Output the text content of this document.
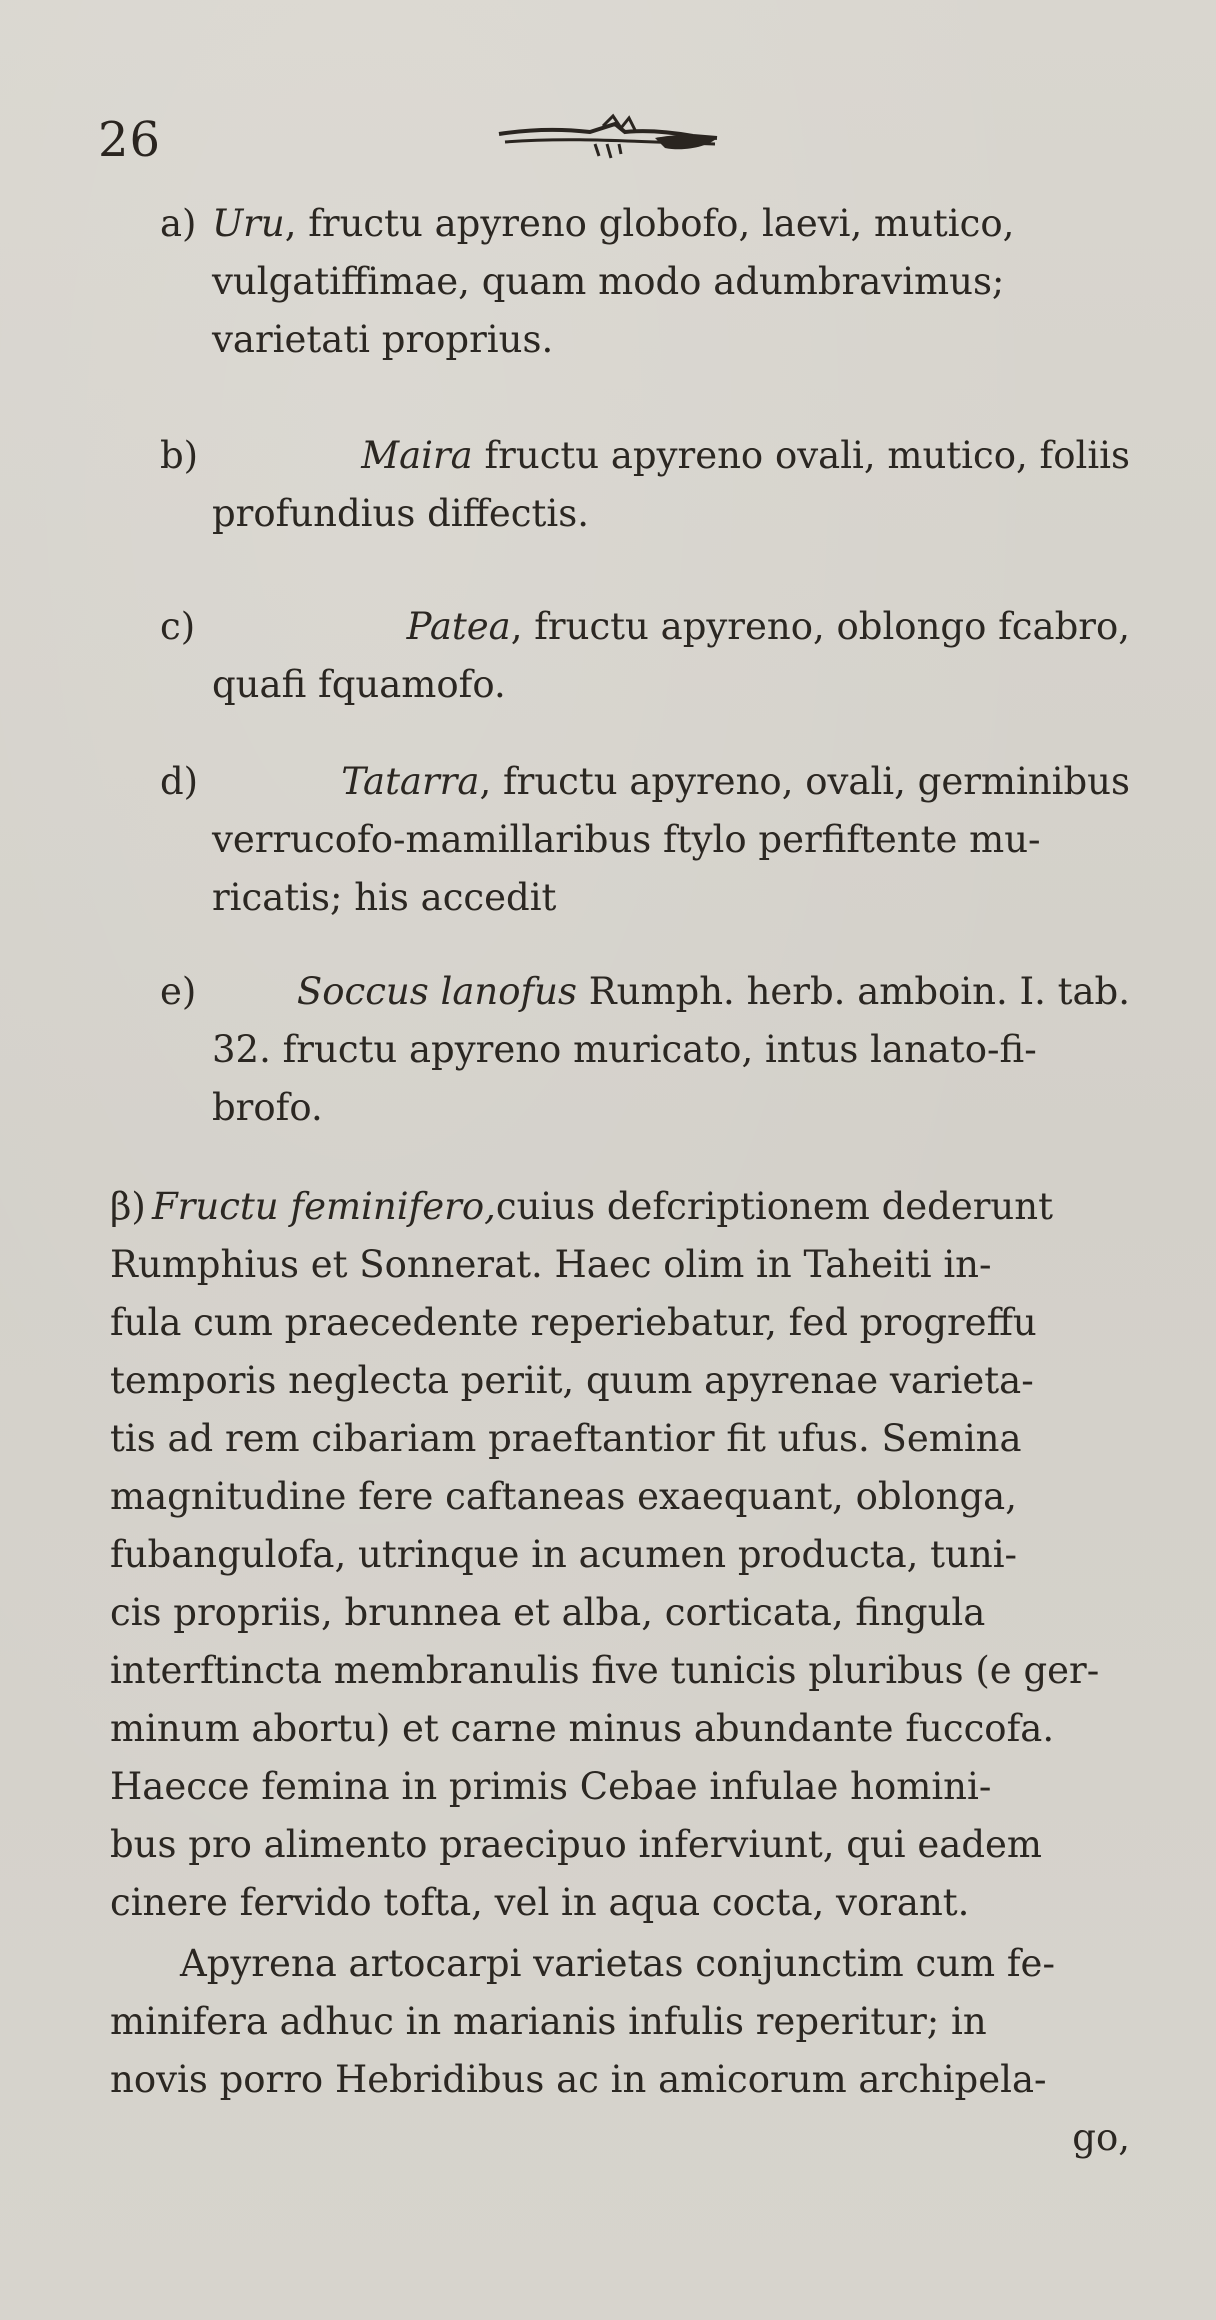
26
a) Uru, fructu apyreno globofo, laevi, mutico,
vulgatiffimae, quam modo adumbravimus;
varietati proprius.
b)	Maira fructu apyreno ovali, mutico, foliis
profundius diffectis.
c)	Patea, fructu apyreno, oblongo fcabro,
quafi fquamofo.
d)	Tatarra, fructu apyreno, ovali, germinibus
verrucofo-mamillaribus ftylo perfiftente mu-
ricatis; his accedit
e)	Soccus lanofus Rumph. herb. amboin. I. tab.
32. fructu apyreno muricato, intus lanato-fi-
brofo.
β) Fructu feminifero, cuius defcriptionem dederunt
Rumphius et Sonnerat. Haec olim in Taheiti in-
fula cum praecedente reperiebatur, fed progreffu
temporis neglecta periit, quum apyrenae varieta-
tis ad rem cibariam praeftantior fit ufus. Semina
magnitudine fere caftaneas exaequant, oblonga,
fubangulofa, utrinque in acumen producta, tuni-
cis propriis, brunnea et alba, corticata, fingula
interftincta membranulis five tunicis pluribus (e ger-
minum abortu) et carne minus abundante fuccofa.
Haecce femina in primis Cebae infulae homini-
bus pro alimento praecipuo inferviunt, qui eadem
cinere fervido tofta, vel in aqua cocta, vorant.
Apyrena artocarpi varietas conjunctim cum fe-
minifera adhuc in marianis infulis reperitur; in
novis porro Hebridibus ac in amicorum archipela-
go,
